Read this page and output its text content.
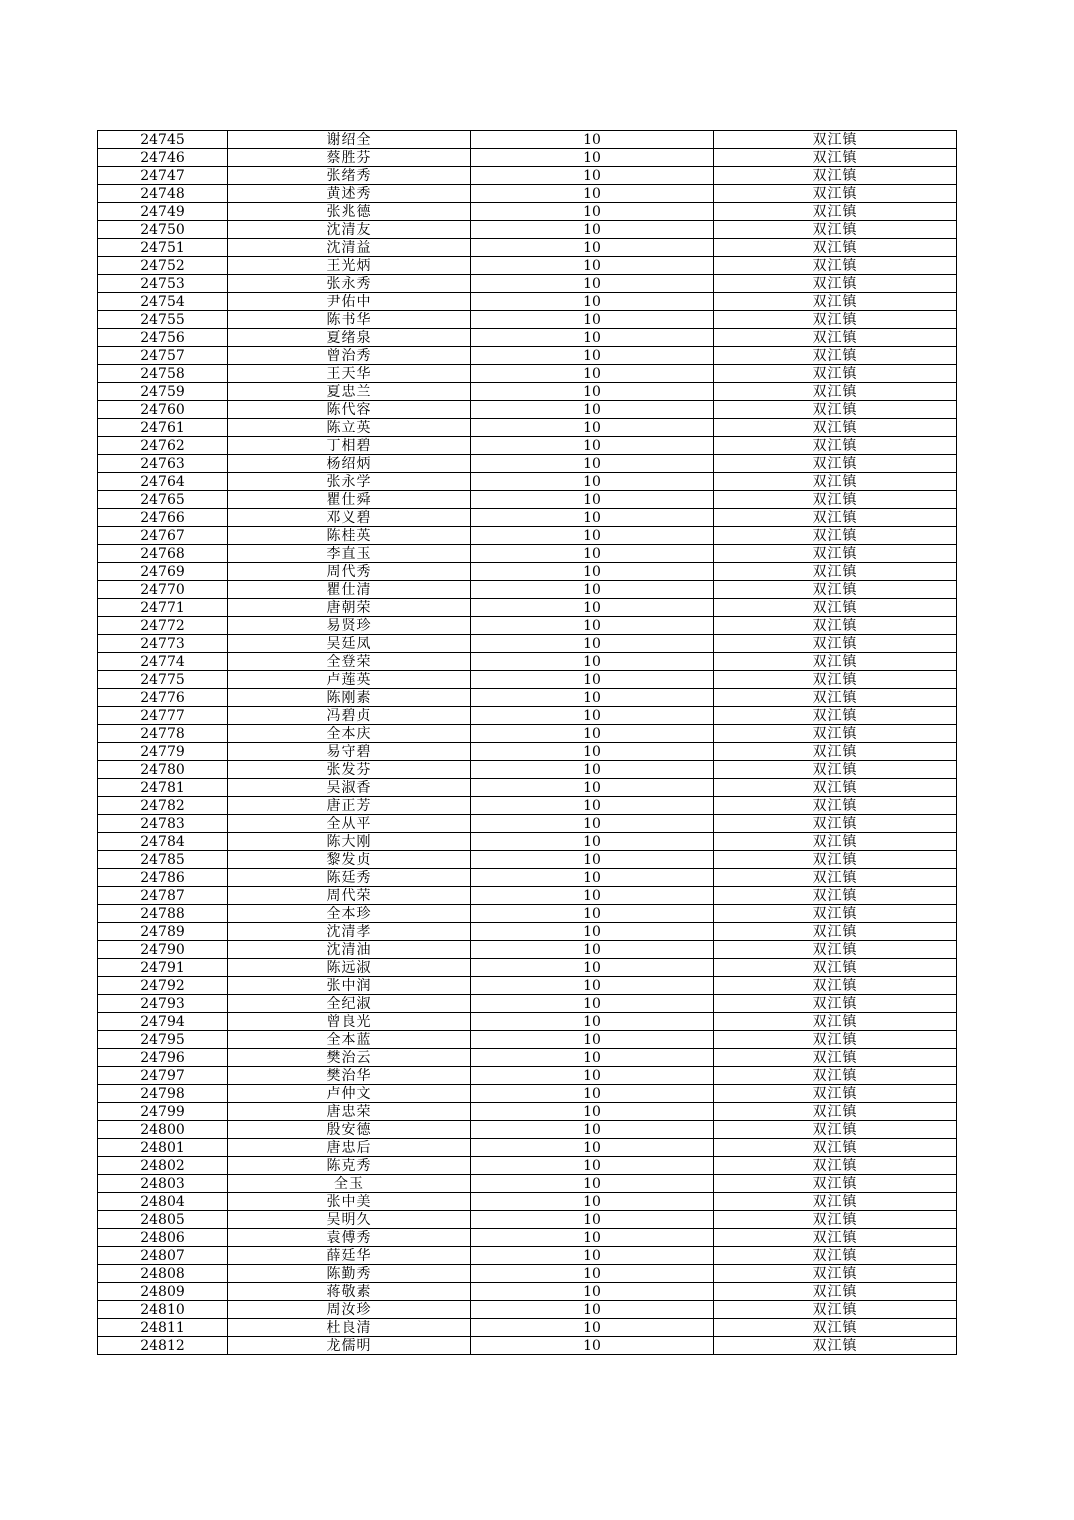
24745	谢绍全	10	双江镇
24746	蔡胜芬	10	双江镇
24747	张绪秀	10	双江镇
24748	黄述秀	10	双江镇
24749	张兆德	10	双江镇
24750	沈清友	10	双江镇
24751	沈清益	10	双江镇
24752	王光炳	10	双江镇
24753	张永秀	10	双江镇
24754	尹佑中	10	双江镇
24755	陈书华	10	双江镇
24756	夏绪泉	10	双江镇
24757	曾治秀	10	双江镇
24758	王天华	10	双江镇
24759	夏忠兰	10	双江镇
24760	陈代容	10	双江镇
24761	陈立英	10	双江镇
24762	丁相碧	10	双江镇
24763	杨绍炳	10	双江镇
24764	张永学	10	双江镇
24765	瞿仕舜	10	双江镇
24766	邓义碧	10	双江镇
24767	陈桂英	10	双江镇
24768	李直玉	10	双江镇
24769	周代秀	10	双江镇
24770	瞿仕清	10	双江镇
24771	唐朝荣	10	双江镇
24772	易贤珍	10	双江镇
24773	吴廷凤	10	双江镇
24774	全登荣	10	双江镇
24775	卢莲英	10	双江镇
24776	陈刚素	10	双江镇
24777	冯碧贞	10	双江镇
24778	全本庆	10	双江镇
24779	易守碧	10	双江镇
24780	张发芬	10	双江镇
24781	吴淑香	10	双江镇
24782	唐正芳	10	双江镇
24783	全从平	10	双江镇
24784	陈大刚	10	双江镇
24785	黎发贞	10	双江镇
24786	陈廷秀	10	双江镇
24787	周代荣	10	双江镇
24788	全本珍	10	双江镇
24789	沈清孝	10	双江镇
24790	沈清油	10	双江镇
24791	陈远淑	10	双江镇
24792	张中润	10	双江镇
24793	全纪淑	10	双江镇
24794	曾良光	10	双江镇
24795	全本蓝	10	双江镇
24796	樊治云	10	双江镇
24797	樊治华	10	双江镇
24798	卢仲文	10	双江镇
24799	唐忠荣	10	双江镇
24800	殷安德	10	双江镇
24801	唐忠后	10	双江镇
24802	陈克秀	10	双江镇
24803	全玉	10	双江镇
24804	张中美	10	双江镇
24805	吴明久	10	双江镇
24806	袁傅秀	10	双江镇
24807	薛廷华	10	双江镇
24808	陈勤秀	10	双江镇
24809	蒋敬素	10	双江镇
24810	周汝珍	10	双江镇
24811	杜良清	10	双江镇
24812	龙儒明	10	双江镇
